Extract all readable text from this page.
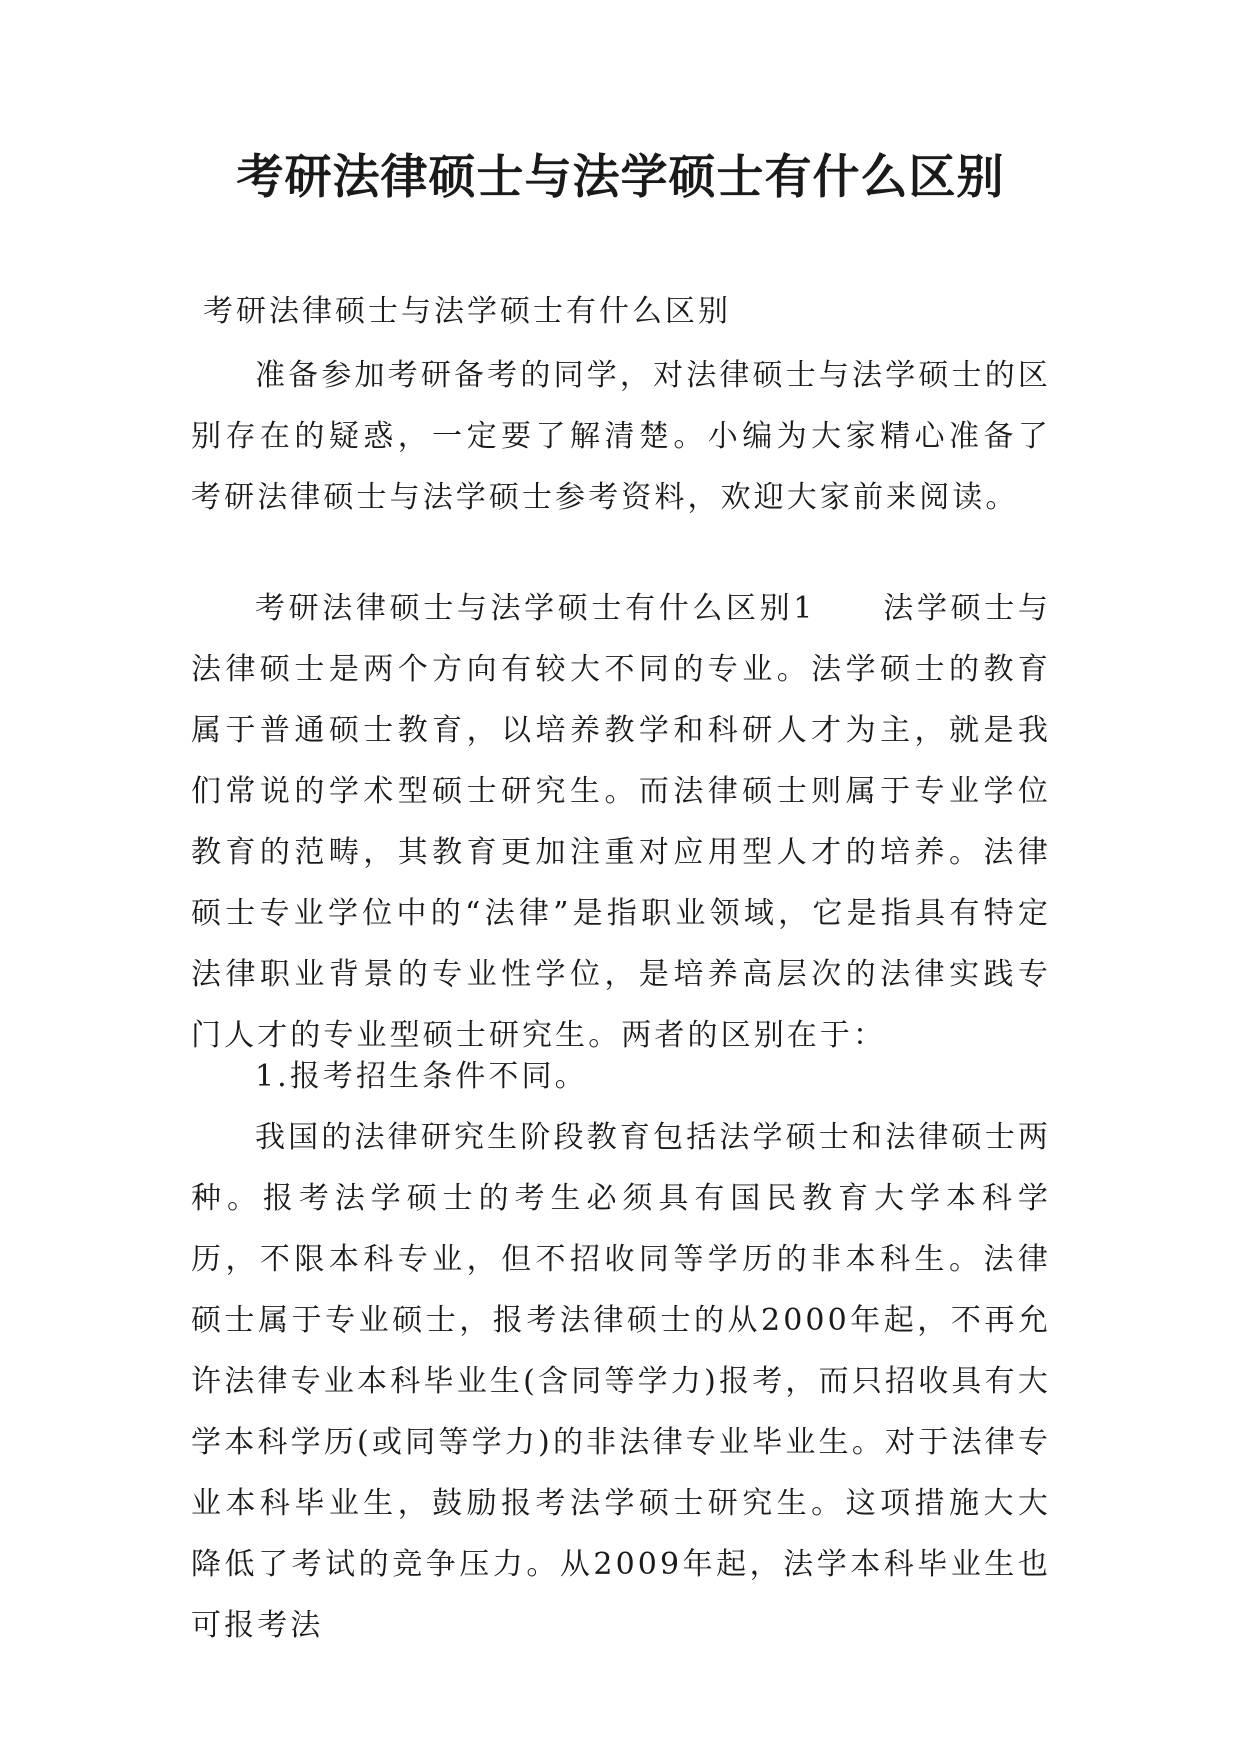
考研法律硕士与法学硕士有什么区别

考研法律硕士与法学硕士有什么区别

准备参加考研备考的同学，对法律硕士与法学硕士的区别存在的疑惑，一定要了解清楚。小编为大家精心准备了考研法律硕士与法学硕士参考资料，欢迎大家前来阅读。

考研法律硕士与法学硕士有什么区别1　　法学硕士与法律硕士是两个方向有较大不同的专业。法学硕士的教育属于普通硕士教育，以培养教学和科研人才为主，就是我们常说的学术型硕士研究生。而法律硕士则属于专业学位教育的范畴，其教育更加注重对应用型人才的培养。法律硕士专业学位中的“法律”是指职业领域，它是指具有特定法律职业背景的专业性学位，是培养高层次的法律实践专门人才的专业型硕士研究生。两者的区别在于：

1.报考招生条件不同。

我国的法律研究生阶段教育包括法学硕士和法律硕士两种。报考法学硕士的考生必须具有国民教育大学本科学历，不限本科专业，但不招收同等学历的非本科生。法律硕士属于专业硕士，报考法律硕士的从2000年起，不再允许法律专业本科毕业生(含同等学力)报考，而只招收具有大学本科学历(或同等学力)的非法律专业毕业生。对于法律专业本科毕业生，鼓励报考法学硕士研究生。这项措施大大降低了考试的竞争压力。从2009年起，法学本科毕业生也可报考法
